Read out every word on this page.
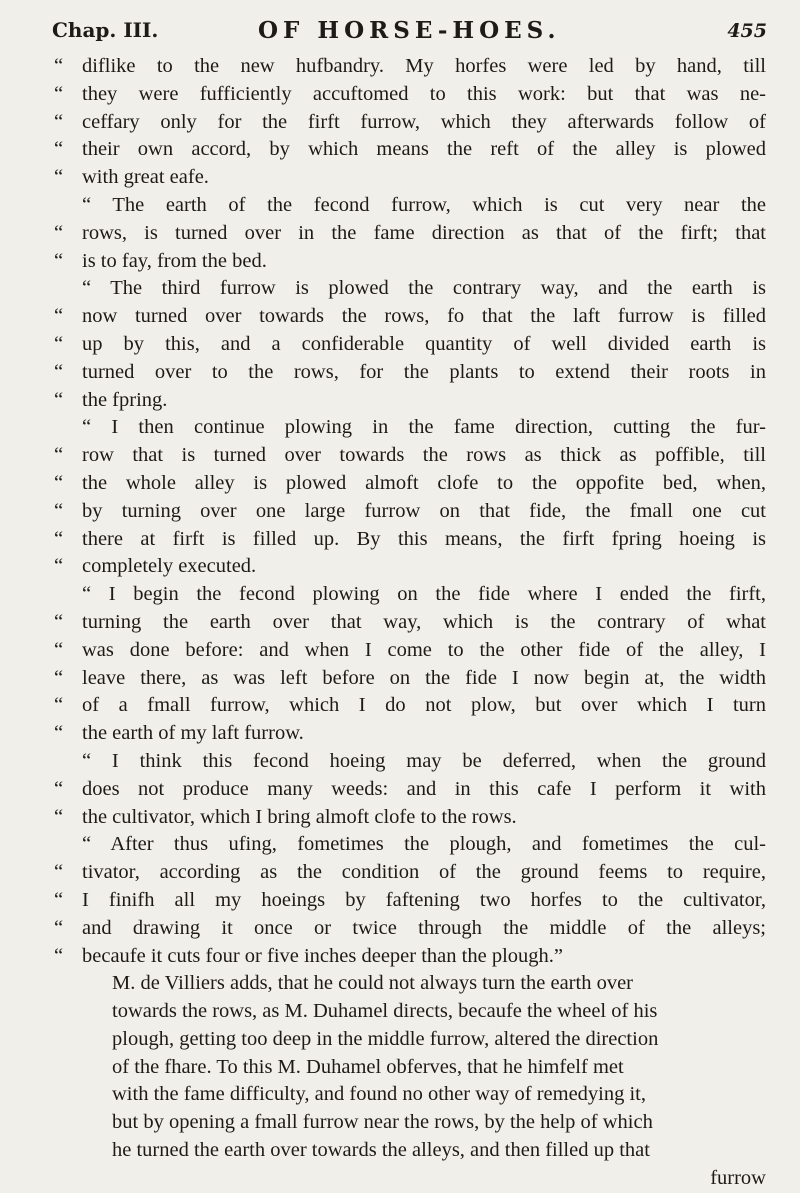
Chap. III.	OF HORSE-HOES.	455
“ diflike to the new hufbandry. My horfes were led by hand, till
“ they were fufficiently accuftomed to this work: but that was ne-
“ ceffary only for the firft furrow, which they afterwards follow of
“ their own accord, by which means the reft of the alley is plowed
“ with great eafe.
“ The earth of the fecond furrow, which is cut very near the
“ rows, is turned over in the fame direction as that of the firft; that
“ is to fay, from the bed.
“ The third furrow is plowed the contrary way, and the earth is
“ now turned over towards the rows, fo that the laft furrow is filled
“ up by this, and a confiderable quantity of well divided earth is
“ turned over to the rows, for the plants to extend their roots in
“ the fpring.
“ I then continue plowing in the fame direction, cutting the fur-
“ row that is turned over towards the rows as thick as poffible, till
“ the whole alley is plowed almoft clofe to the oppofite bed, when,
“ by turning over one large furrow on that fide, the fmall one cut
“ there at firft is filled up. By this means, the firft fpring hoeing is
“ completely executed.
“ I begin the fecond plowing on the fide where I ended the firft,
“ turning the earth over that way, which is the contrary of what
“ was done before: and when I come to the other fide of the alley, I
“ leave there, as was left before on the fide I now begin at, the width
“ of a fmall furrow, which I do not plow, but over which I turn
“ the earth of my laft furrow.
“ I think this fecond hoeing may be deferred, when the ground
“ does not produce many weeds: and in this cafe I perform it with
“ the cultivator, which I bring almoft clofe to the rows.
“ After thus ufing, fometimes the plough, and fometimes the cul-
“ tivator, according as the condition of the ground feems to require,
“ I finifh all my hoeings by faftening two horfes to the cultivator,
“ and drawing it once or twice through the middle of the alleys;
“ becaufe it cuts four or five inches deeper than the plough.”
M. de Villiers adds, that he could not always turn the earth over
towards the rows, as M. Duhamel directs, becaufe the wheel of his
plough, getting too deep in the middle furrow, altered the direction
of the fhare. To this M. Duhamel obferves, that he himfelf met
with the fame difficulty, and found no other way of remedying it,
but by opening a fmall furrow near the rows, by the help of which
he turned the earth over towards the alleys, and then filled up that
furrow
